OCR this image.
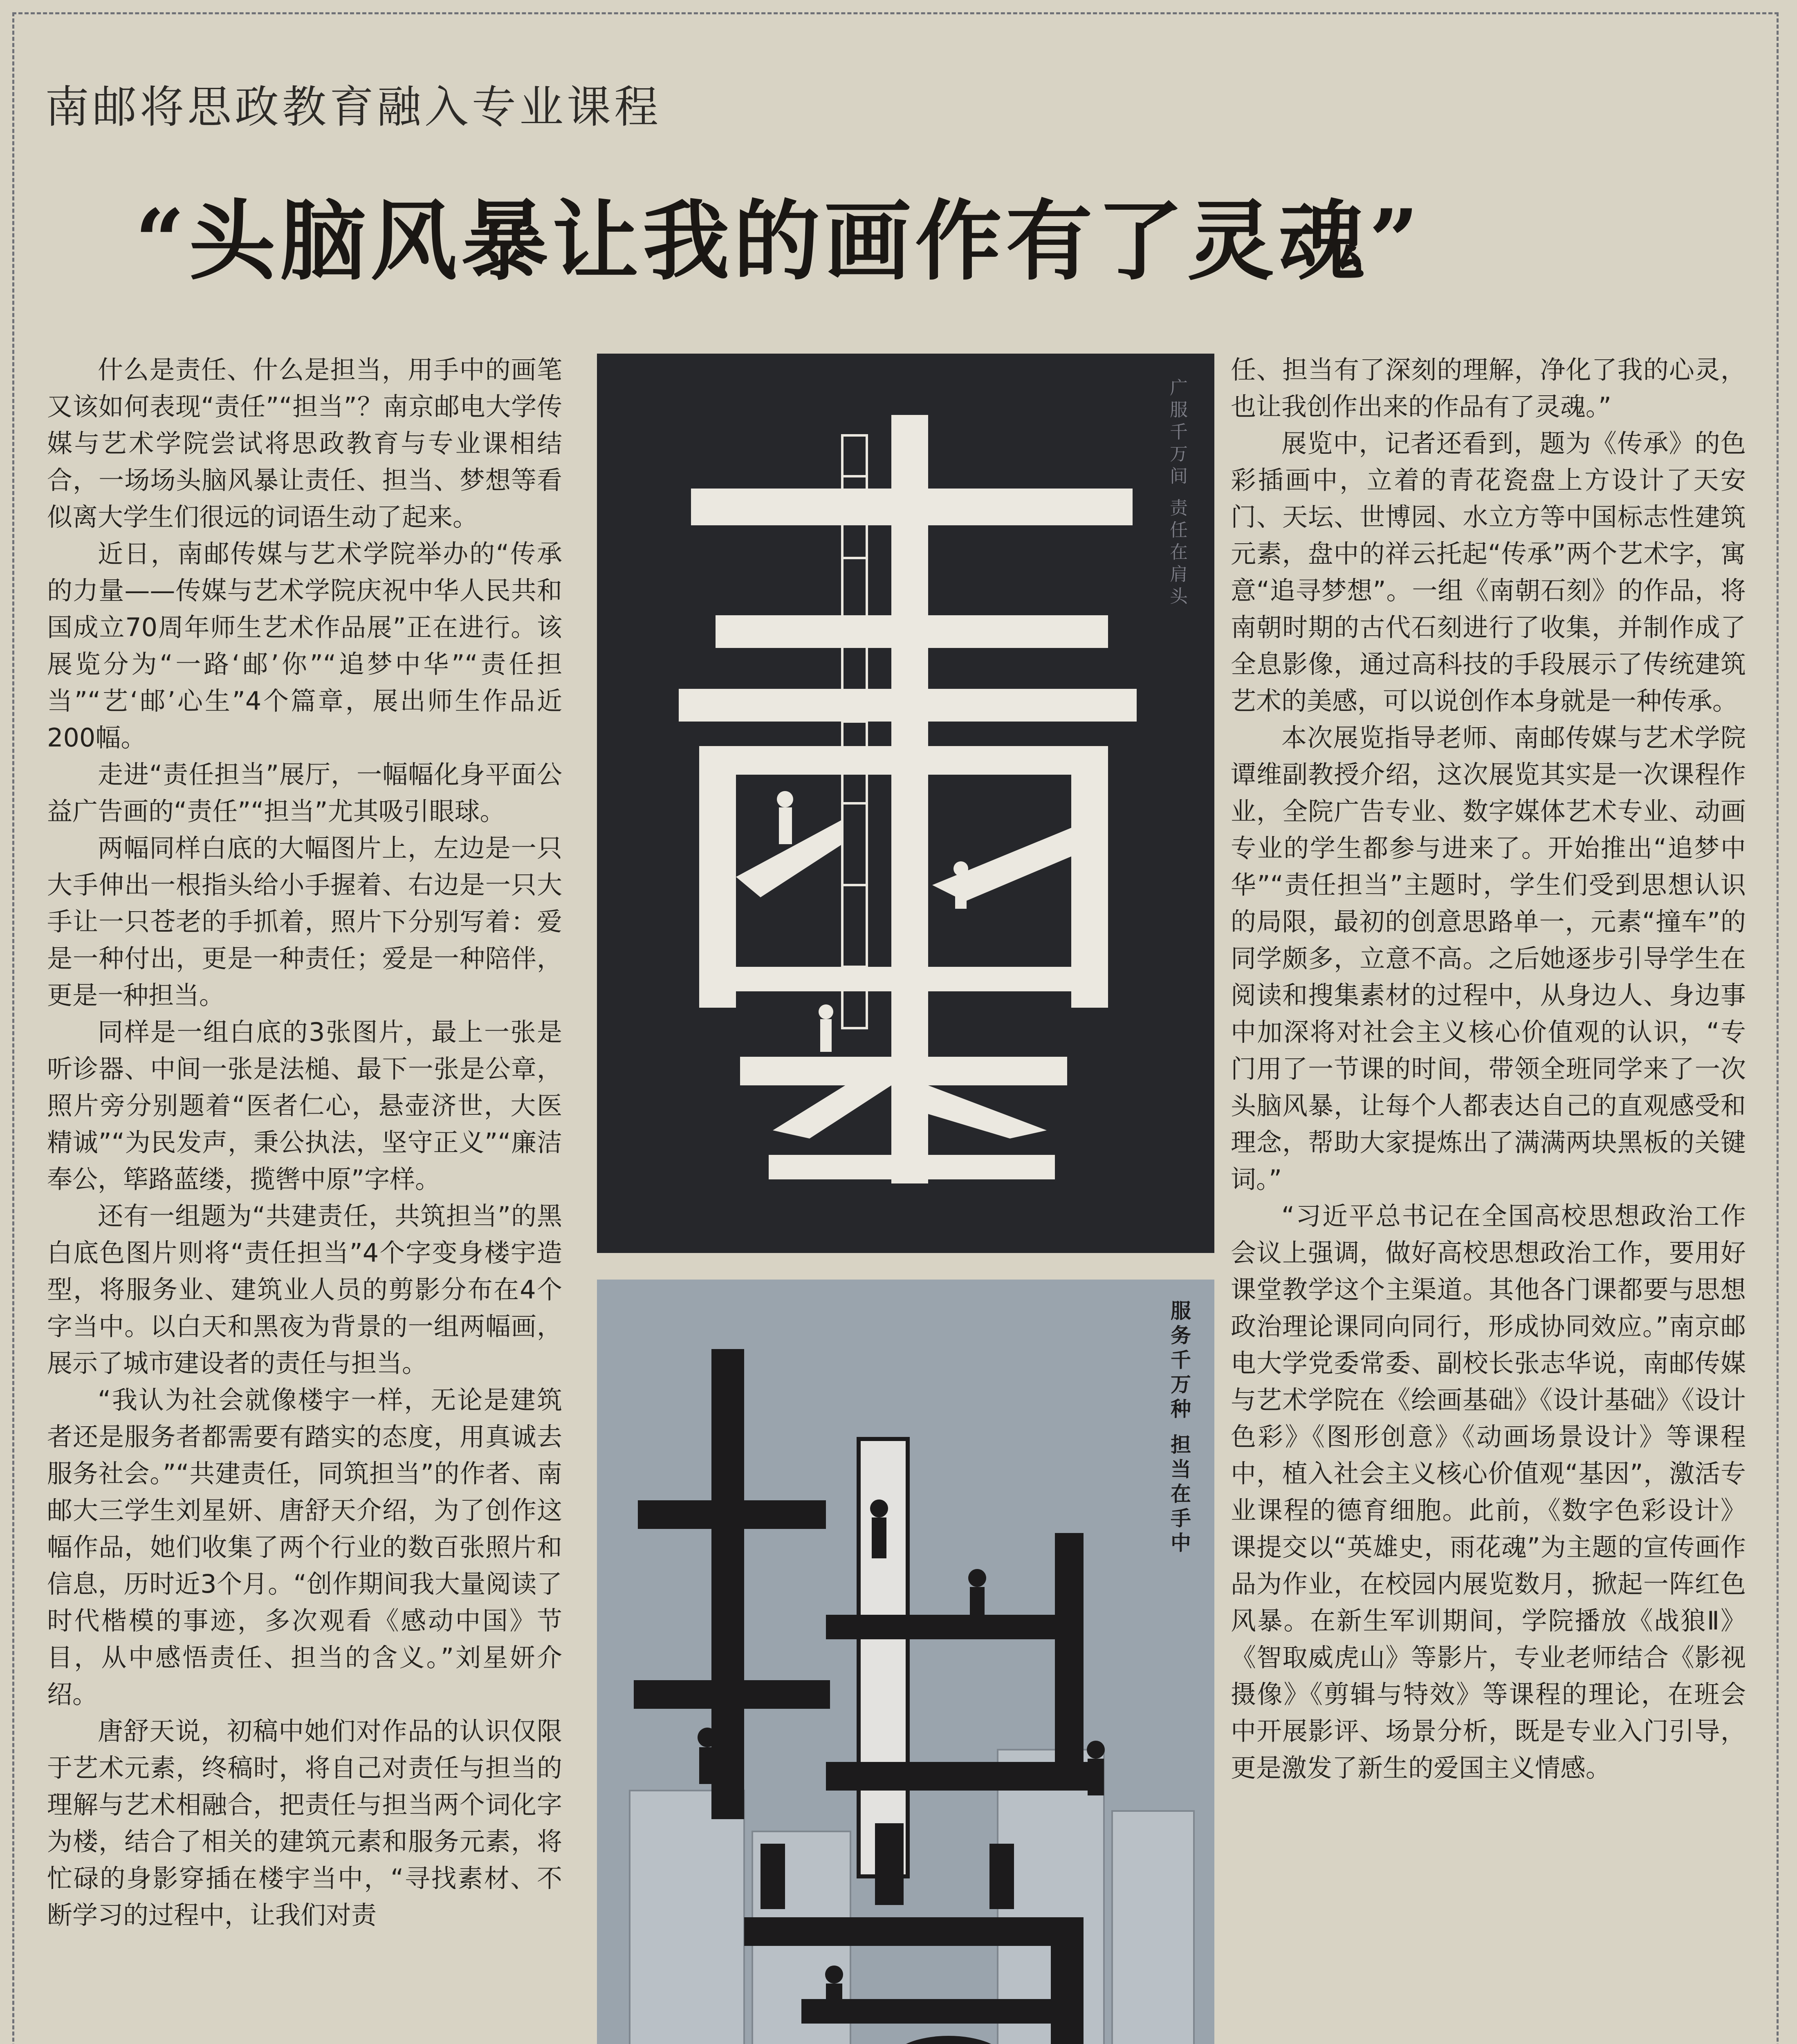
南邮将思政教育融入专业课程
“头脑风暴让我的画作有了灵魂”

什么是责任、什么是担当，用手中的画笔又该如何表现“责任”“担当”？南京邮电大学传媒与艺术学院尝试将思政教育与专业课相结合，一场场头脑风暴让责任、担当、梦想等看似离大学生们很远的词语生动了起来。

近日，南邮传媒与艺术学院举办的“传承的力量——传媒与艺术学院庆祝中华人民共和国成立70周年师生艺术作品展”正在进行。该展览分为“一路‘邮’你”“追梦中华”“责任担当”“艺‘邮’心生”4个篇章，展出师生作品近200幅。

走进“责任担当”展厅，一幅幅化身平面公益广告画的“责任”“担当”尤其吸引眼球。

两幅同样白底的大幅图片上，左边是一只大手伸出一根指头给小手握着、右边是一只大手让一只苍老的手抓着，照片下分别写着：爱是一种付出，更是一种责任；爱是一种陪伴，更是一种担当。

同样是一组白底的3张图片，最上一张是听诊器、中间一张是法槌、最下一张是公章，照片旁分别题着“医者仁心，悬壶济世，大医精诚”“为民发声，秉公执法，坚守正义”“廉洁奉公，筚路蓝缕，揽辔中原”字样。

还有一组题为“共建责任，共筑担当”的黑白底色图片则将“责任担当”4个字变身楼宇造型，将服务业、建筑业人员的剪影分布在4个字当中。以白天和黑夜为背景的一组两幅画，展示了城市建设者的责任与担当。

“我认为社会就像楼宇一样，无论是建筑者还是服务者都需要有踏实的态度，用真诚去服务社会。”“共建责任，同筑担当”的作者、南邮大三学生刘星妍、唐舒天介绍，为了创作这幅作品，她们收集了两个行业的数百张照片和信息，历时近3个月。“创作期间我大量阅读了时代楷模的事迹，多次观看《感动中国》节目，从中感悟责任、担当的含义。”刘星妍介绍。

唐舒天说，初稿中她们对作品的认识仅限于艺术元素，终稿时，将自己对责任与担当的理解与艺术相融合，把责任与担当两个词化字为楼，结合了相关的建筑元素和服务元素，将忙碌的身影穿插在楼宇当中，“寻找素材、不断学习的过程中，让我们对责

广服千万间 责任在肩头
服务千万种 担当在手中

任、担当有了深刻的理解，净化了我的心灵，也让我创作出来的作品有了灵魂。”

展览中，记者还看到，题为《传承》的色彩插画中，立着的青花瓷盘上方设计了天安门、天坛、世博园、水立方等中国标志性建筑元素，盘中的祥云托起“传承”两个艺术字，寓意“追寻梦想”。一组《南朝石刻》的作品，将南朝时期的古代石刻进行了收集，并制作成了全息影像，通过高科技的手段展示了传统建筑艺术的美感，可以说创作本身就是一种传承。

本次展览指导老师、南邮传媒与艺术学院谭维副教授介绍，这次展览其实是一次课程作业，全院广告专业、数字媒体艺术专业、动画专业的学生都参与进来了。开始推出“追梦中华”“责任担当”主题时，学生们受到思想认识的局限，最初的创意思路单一，元素“撞车”的同学颇多，立意不高。之后她逐步引导学生在阅读和搜集素材的过程中，从身边人、身边事中加深将对社会主义核心价值观的认识，“专门用了一节课的时间，带领全班同学来了一次头脑风暴，让每个人都表达自己的直观感受和理念，帮助大家提炼出了满满两块黑板的关键词。”

“习近平总书记在全国高校思想政治工作会议上强调，做好高校思想政治工作，要用好课堂教学这个主渠道。其他各门课都要与思想政治理论课同向同行，形成协同效应。”南京邮电大学党委常委、副校长张志华说，南邮传媒与艺术学院在《绘画基础》《设计基础》《设计色彩》《图形创意》《动画场景设计》等课程中，植入社会主义核心价值观“基因”，激活专业课程的德育细胞。此前，《数字色彩设计》课提交以“英雄史，雨花魂”为主题的宣传画作品为作业，在校园内展览数月，掀起一阵红色风暴。在新生军训期间，学院播放《战狼Ⅱ》《智取威虎山》等影片，专业老师结合《影视摄像》《剪辑与特效》等课程的理论，在班会中开展影评、场景分析，既是专业入门引导，更是激发了新生的爱国主义情感。
